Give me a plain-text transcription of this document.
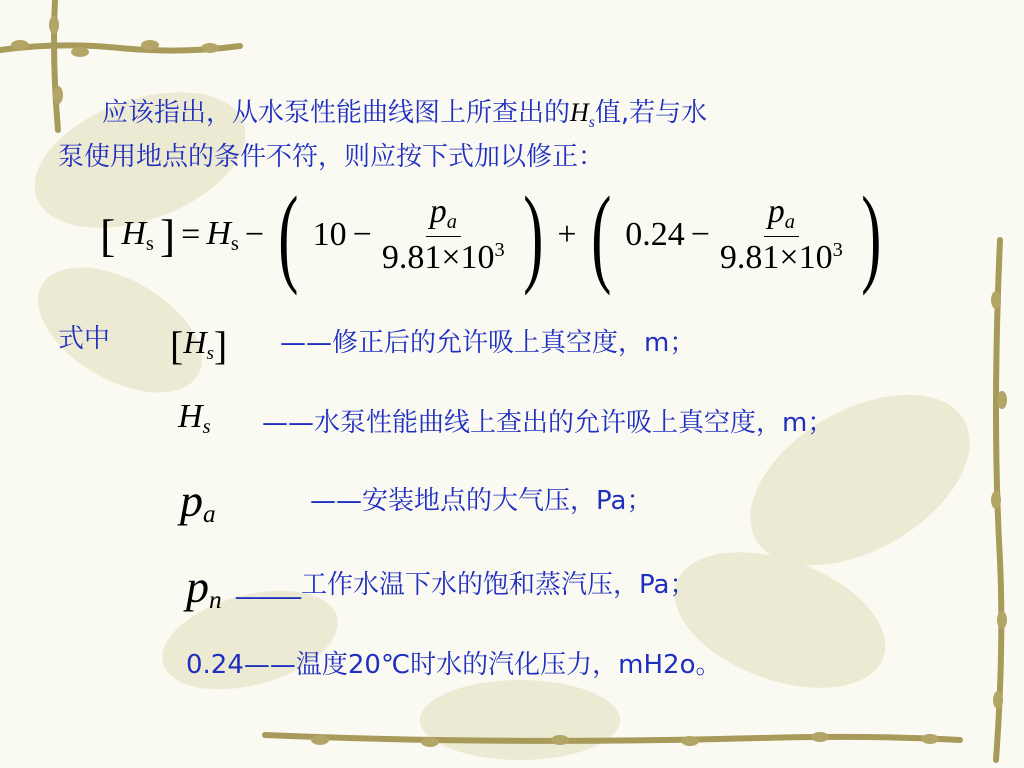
应该指出，从水泵性能曲线图上所查出的$H_s$值,若与水
泵使用地点的条件不符，则应按下式加以修正：
[ $H_s$ ] = $H_s$ − ( $10 - \frac{p_a}{9.81\times 10^3}$ ) + ( $0.24 - \frac{p_a}{9.81\times 10^3}$ )
式中 $[H_s]$ ——修正后的允许吸上真空度，m；
$H_s$ ——水泵性能曲线上查出的允许吸上真空度，m；
$p_a$	——安装地点的大气压，Pa；
$p_n$ _____工作水温下水的饱和蒸汽压，Pa；
0.24——温度20℃时水的汽化压力，mH2o。
